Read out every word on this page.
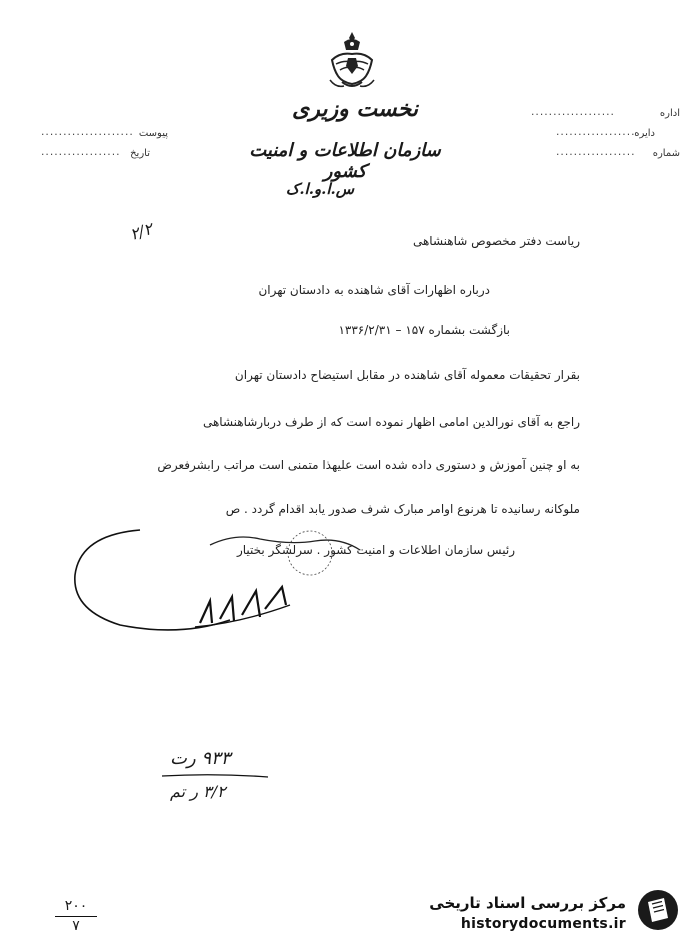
نخست وزیری
سازمان اطلاعات و امنیت کشور
س.ا.و.ا.ک
اداره
...................
دایره
..................
شماره
..................
پیوست
.....................
تاریخ
..................
۲/۲	ریاست دفتر مخصوص شاهنشاهی
درباره اظهارات آقای شاهنده به دادستان تهران
بازگشت بشماره ۱۵۷ – ۱۳۳۶/۲/۳۱
بقرار تحقیقات معموله آقای شاهنده در مقابل استیضاح دادستان تهران
راجع به آقای نورالدین امامی اظهار نموده است که از طرف دربارشاهنشاهی
به او چنین آموزش و دستوری داده شده است علیهذا متمنی است مراتب رابشرفعرض
ملوکانه رسانیده تا هرنوع اوامر مبارک شرف صدور یابد اقدام گردد . ص
رئیس سازمان اطلاعات و امنیت کشور . سرلشگر بختیار
۹۳۳ رت
۳/۲ ر تم
۲۰۰
۷
مرکز بررسی اسناد تاریخی
historydocuments.ir
